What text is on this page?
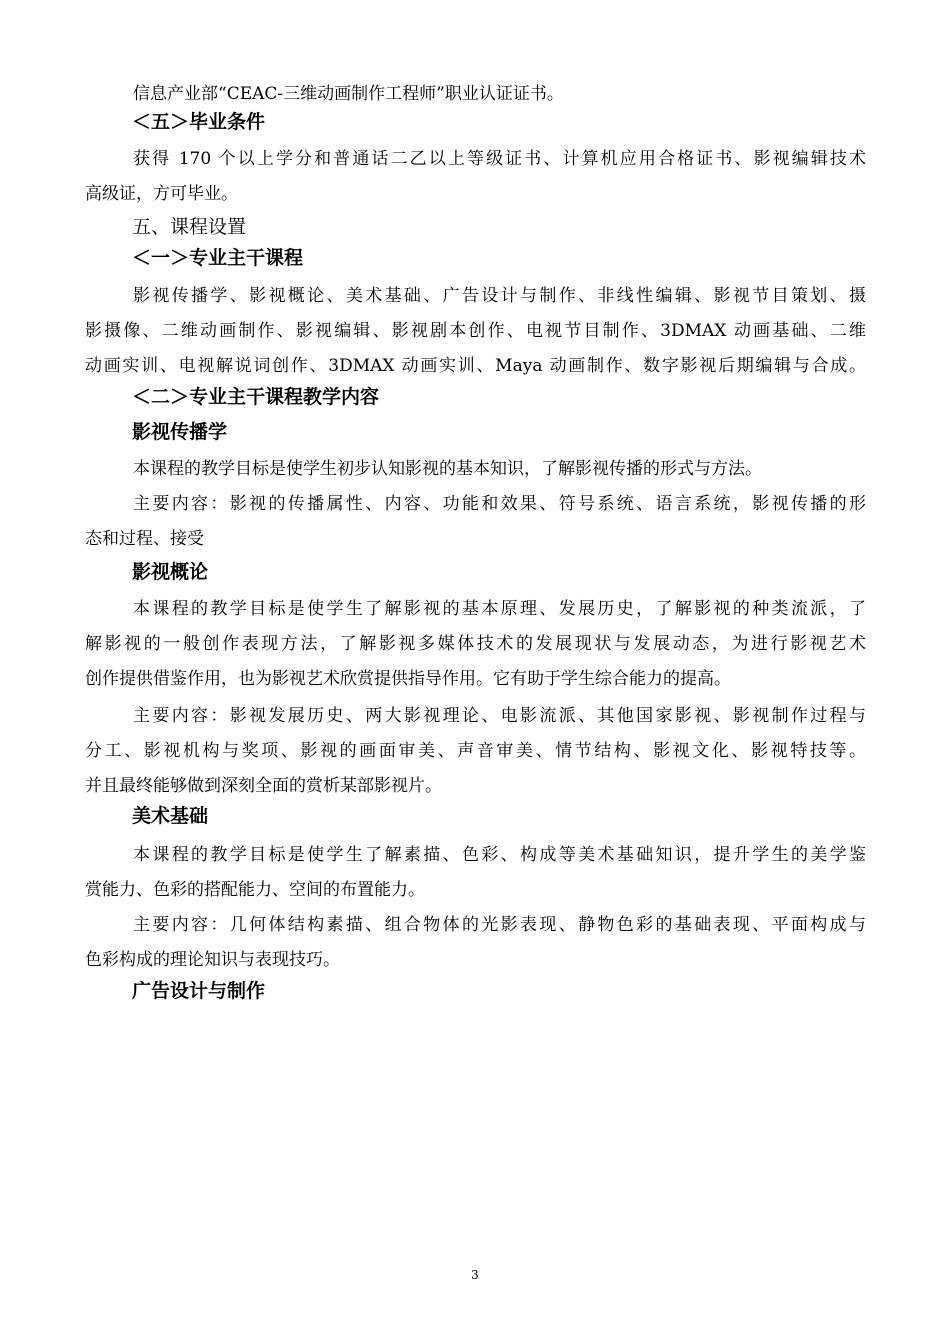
信息产业部“CEAC-三维动画制作工程师”职业认证证书。
＜五＞毕业条件
获得 170 个以上学分和普通话二乙以上等级证书、计算机应用合格证书、影视编辑技术
高级证，方可毕业。
五、课程设置
＜一＞专业主干课程
影视传播学、影视概论、美术基础、广告设计与制作、非线性编辑、影视节目策划、摄
影摄像、二维动画制作、影视编辑、影视剧本创作、电视节目制作、3DMAX 动画基础、二维
动画实训、电视解说词创作、3DMAX 动画实训、Maya 动画制作、数字影视后期编辑与合成。
＜二＞专业主干课程教学内容
影视传播学
本课程的教学目标是使学生初步认知影视的基本知识，了解影视传播的形式与方法。
主要内容：影视的传播属性、内容、功能和效果、符号系统、语言系统，影视传播的形
态和过程、接受
影视概论
本课程的教学目标是使学生了解影视的基本原理、发展历史，了解影视的种类流派，了
解影视的一般创作表现方法，了解影视多媒体技术的发展现状与发展动态，为进行影视艺术
创作提供借鉴作用，也为影视艺术欣赏提供指导作用。它有助于学生综合能力的提高。
主要内容：影视发展历史、两大影视理论、电影流派、其他国家影视、影视制作过程与
分工、影视机构与奖项、影视的画面审美、声音审美、情节结构、影视文化、影视特技等。
并且最终能够做到深刻全面的赏析某部影视片。
美术基础
本课程的教学目标是使学生了解素描、色彩、构成等美术基础知识，提升学生的美学鉴
赏能力、色彩的搭配能力、空间的布置能力。
主要内容：几何体结构素描、组合物体的光影表现、静物色彩的基础表现、平面构成与
色彩构成的理论知识与表现技巧。
广告设计与制作
3
